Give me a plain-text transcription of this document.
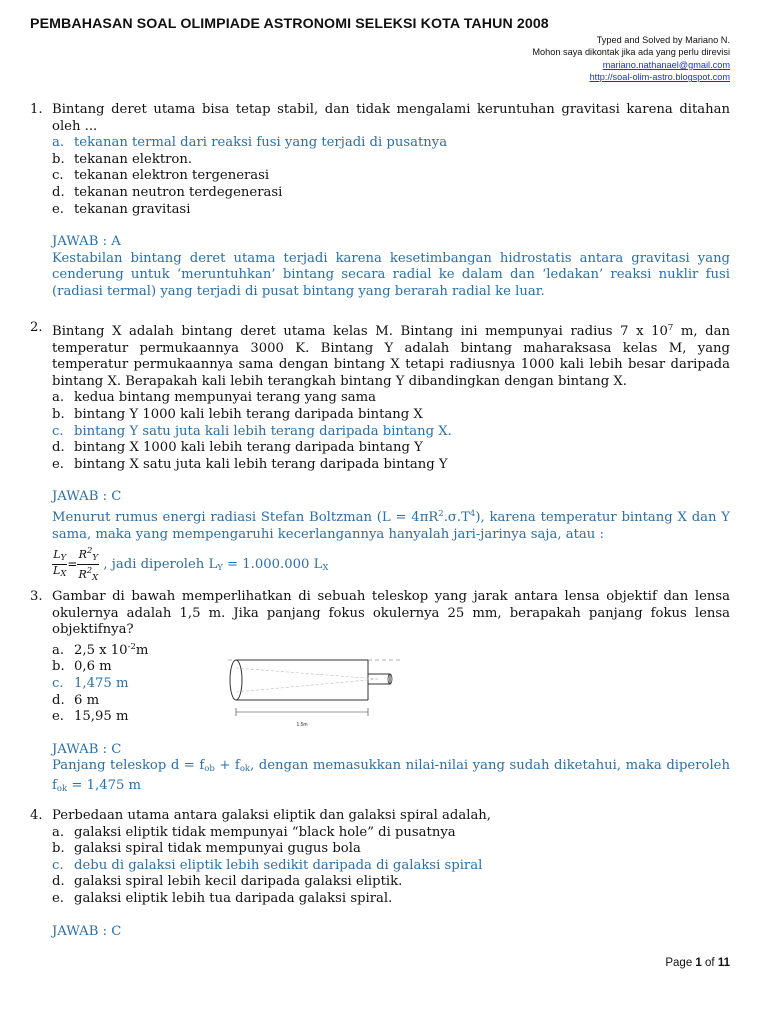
PEMBAHASAN SOAL OLIMPIADE ASTRONOMI SELEKSI KOTA TAHUN 2008
Typed and Solved by Mariano N.
Mohon saya dikontak jika ada yang perlu direvisi
mariano.nathanael@gmail.com
http://soal-olim-astro.blogspot.com
1. Bintang deret utama bisa tetap stabil, dan tidak mengalami keruntuhan gravitasi karena ditahan oleh ...
a. tekanan termal dari reaksi fusi yang terjadi di pusatnya
b. tekanan elektron.
c. tekanan elektron tergenerasi
d. tekanan neutron terdegenerasi
e. tekanan gravitasi
JAWAB : A
Kestabilan bintang deret utama terjadi karena kesetimbangan hidrostatis antara gravitasi yang cenderung untuk ‘meruntuhkan’ bintang secara radial ke dalam dan ‘ledakan’ reaksi nuklir fusi (radiasi termal) yang terjadi di pusat bintang yang berarah radial ke luar.
2. Bintang X adalah bintang deret utama kelas M. Bintang ini mempunyai radius 7 x $10^7$ m, dan temperatur permukaannya 3000 K. Bintang Y adalah bintang maharaksasa kelas M, yang temperatur permukaannya sama dengan bintang X tetapi radiusnya 1000 kali lebih besar daripada bintang X. Berapakah kali lebih terangkah bintang Y dibandingkan dengan bintang X.
a. kedua bintang mempunyai terang yang sama
b. bintang Y 1000 kali lebih terang daripada bintang X
c. bintang Y satu juta kali lebih terang daripada bintang X.
d. bintang X 1000 kali lebih terang daripada bintang Y
e. bintang X satu juta kali lebih terang daripada bintang Y
JAWAB : C
Menurut rumus energi radiasi Stefan Boltzman $(L = 4\pi R^2.\sigma.T^4)$, karena temperatur bintang X dan Y sama, maka yang mempengaruhi kecerlangannya hanyalah jari-jarinya saja, atau :
$\frac{L_Y}{L_X} = \frac{R^2_Y}{R^2_X}$ , jadi diperoleh $L_Y = 1.000.000$ $L_X$
3. Gambar di bawah memperlihatkan di sebuah teleskop yang jarak antara lensa objektif dan lensa okulernya adalah 1,5 m. Jika panjang fokus okulernya 25 mm, berapakah panjang fokus lensa objektifnya?
a. 2,5 x $10^{-2}m$
b. 0,6 m
c. 1,475 m
d. 6 m
e. 15,95 m
JAWAB : C
Panjang teleskop $d = f_{ob} + f_{ok}$, dengan memasukkan nilai-nilai yang sudah diketahui, maka diperoleh $f_{ok} = 1,475$ m
1.5m
4. Perbedaan utama antara galaksi eliptik dan galaksi spiral adalah,
a. galaksi eliptik tidak mempunyai “black hole” di pusatnya
b. galaksi spiral tidak mempunyai gugus bola
c. debu di galaksi eliptik lebih sedikit daripada di galaksi spiral
d. galaksi spiral lebih kecil daripada galaksi eliptik.
e. galaksi eliptik lebih tua daripada galaksi spiral.
JAWAB : C
Page 1 of 11
